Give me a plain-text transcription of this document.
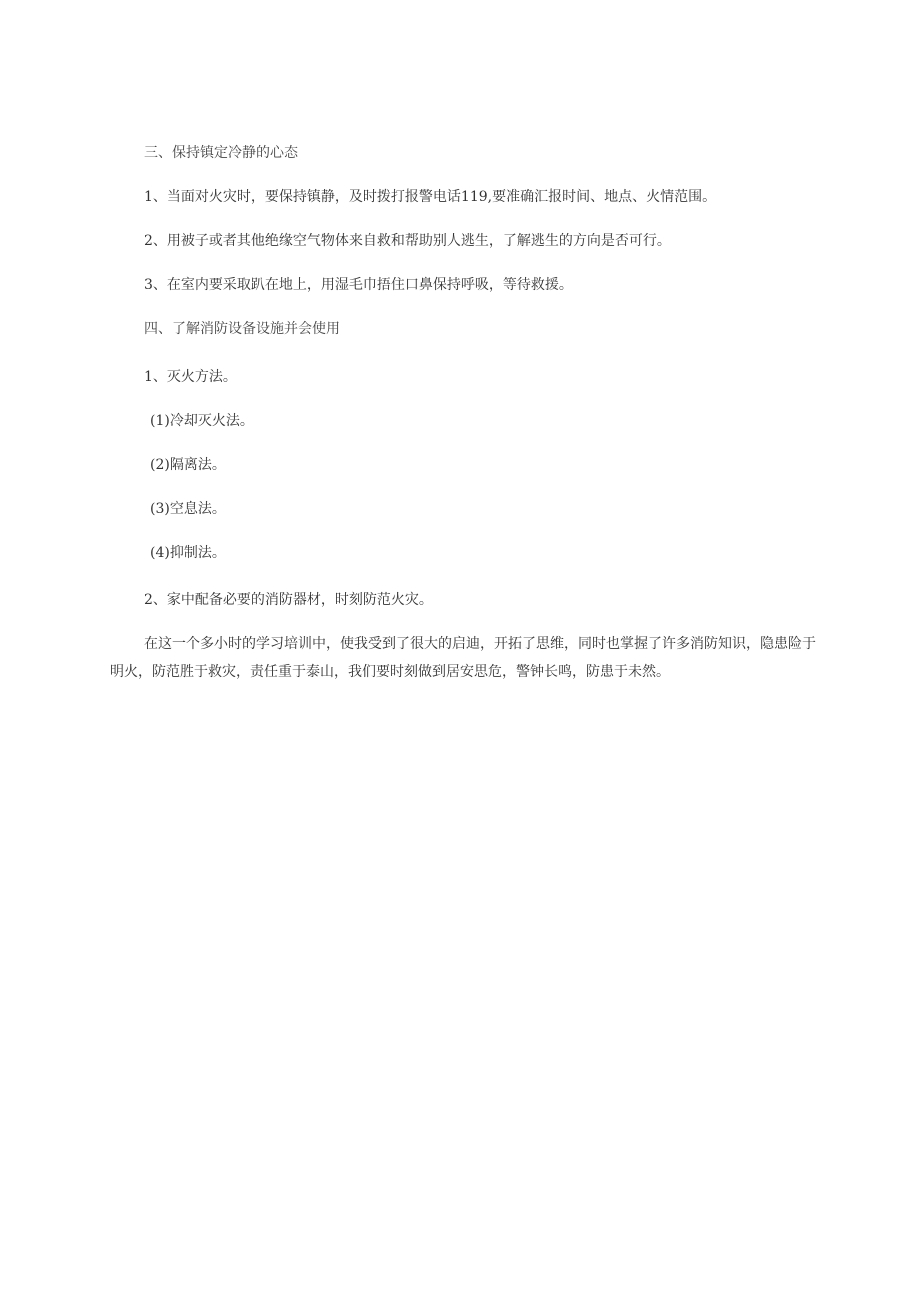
三、保持镇定冷静的心态
1、当面对火灾时，要保持镇静，及时拨打报警电话119,要准确汇报时间、地点、火情范围。
2、用被子或者其他绝缘空气物体来自救和帮助别人逃生，了解逃生的方向是否可行。
3、在室内要采取趴在地上，用湿毛巾捂住口鼻保持呼吸，等待救援。
四、了解消防设备设施并会使用
1、灭火方法。
(1)冷却灭火法。
(2)隔离法。
(3)空息法。
(4)抑制法。
2、家中配备必要的消防器材，时刻防范火灾。
在这一个多小时的学习培训中，使我受到了很大的启迪，开拓了思维，同时也掌握了许多消防知识，隐患险于明火，防范胜于救灾，责任重于泰山，我们要时刻做到居安思危，警钟长鸣，防患于未然。
